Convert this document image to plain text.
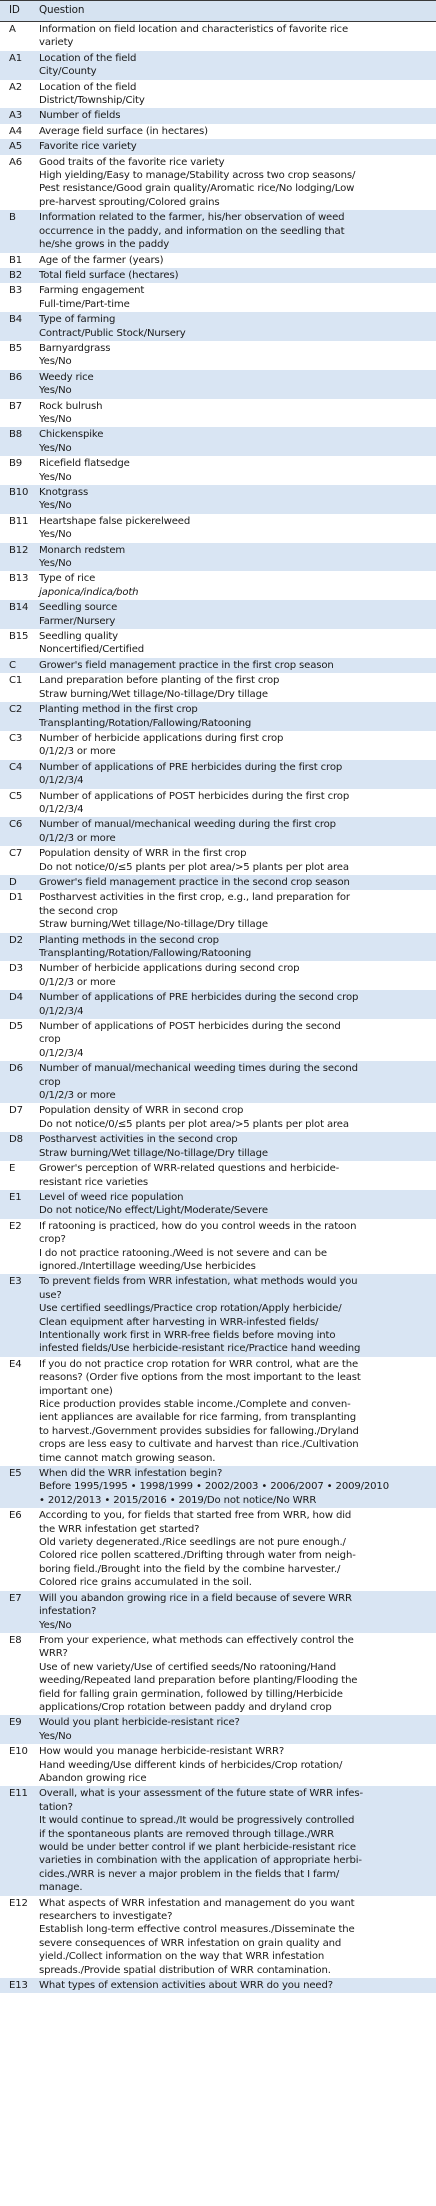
ID	Question
A	Information on field location and characteristics of favorite rice
variety
A1	Location of the field
City/County
A2	Location of the field
District/Township/City
A3	Number of fields
A4	Average field surface (in hectares)
A5	Favorite rice variety
A6	Good traits of the favorite rice variety
High yielding/Easy to manage/Stability across two crop seasons/
Pest resistance/Good grain quality/Aromatic rice/No lodging/Low
pre-harvest sprouting/Colored grains
B	Information related to the farmer, his/her observation of weed
occurrence in the paddy, and information on the seedling that
he/she grows in the paddy
B1	Age of the farmer (years)
B2	Total field surface (hectares)
B3	Farming engagement
Full-time/Part-time
B4	Type of farming
Contract/Public Stock/Nursery
B5	Barnyardgrass
Yes/No
B6	Weedy rice
Yes/No
B7	Rock bulrush
Yes/No
B8	Chickenspike
Yes/No
B9	Ricefield flatsedge
Yes/No
B10	Knotgrass
Yes/No
B11	Heartshape false pickerelweed
Yes/No
B12	Monarch redstem
Yes/No
B13	Type of rice
japonica/indica/both
B14	Seedling source
Farmer/Nursery
B15	Seedling quality
Noncertified/Certified
C	Grower's field management practice in the first crop season
C1	Land preparation before planting of the first crop
Straw burning/Wet tillage/No-tillage/Dry tillage
C2	Planting method in the first crop
Transplanting/Rotation/Fallowing/Ratooning
C3	Number of herbicide applications during first crop
0/1/2/3 or more
C4	Number of applications of PRE herbicides during the first crop
0/1/2/3/4
C5	Number of applications of POST herbicides during the first crop
0/1/2/3/4
C6	Number of manual/mechanical weeding during the first crop
0/1/2/3 or more
C7	Population density of WRR in the first crop
Do not notice/0/≤5 plants per plot area/>5 plants per plot area
D	Grower's field management practice in the second crop season
D1	Postharvest activities in the first crop, e.g., land preparation for
the second crop
Straw burning/Wet tillage/No-tillage/Dry tillage
D2	Planting methods in the second crop
Transplanting/Rotation/Fallowing/Ratooning
D3	Number of herbicide applications during second crop
0/1/2/3 or more
D4	Number of applications of PRE herbicides during the second crop
0/1/2/3/4
D5	Number of applications of POST herbicides during the second
crop
0/1/2/3/4
D6	Number of manual/mechanical weeding times during the second
crop
0/1/2/3 or more
D7	Population density of WRR in second crop
Do not notice/0/≤5 plants per plot area/>5 plants per plot area
D8	Postharvest activities in the second crop
Straw burning/Wet tillage/No-tillage/Dry tillage
E	Grower's perception of WRR-related questions and herbicide-
resistant rice varieties
E1	Level of weed rice population
Do not notice/No effect/Light/Moderate/Severe
E2	If ratooning is practiced, how do you control weeds in the ratoon
crop?
I do not practice ratooning./Weed is not severe and can be
ignored./Intertillage weeding/Use herbicides
E3	To prevent fields from WRR infestation, what methods would you
use?
Use certified seedlings/Practice crop rotation/Apply herbicide/
Clean equipment after harvesting in WRR-infested fields/
Intentionally work first in WRR-free fields before moving into
infested fields/Use herbicide-resistant rice/Practice hand weeding
E4	If you do not practice crop rotation for WRR control, what are the
reasons? (Order five options from the most important to the least
important one)
Rice production provides stable income./Complete and conven-
ient appliances are available for rice farming, from transplanting
to harvest./Government provides subsidies for fallowing./Dryland
crops are less easy to cultivate and harvest than rice./Cultivation
time cannot match growing season.
E5	When did the WRR infestation begin?
Before 1995/1995 • 1998/1999 • 2002/2003 • 2006/2007 • 2009/2010
• 2012/2013 • 2015/2016 • 2019/Do not notice/No WRR
E6	According to you, for fields that started free from WRR, how did
the WRR infestation get started?
Old variety degenerated./Rice seedlings are not pure enough./
Colored rice pollen scattered./Drifting through water from neigh-
boring field./Brought into the field by the combine harvester./
Colored rice grains accumulated in the soil.
E7	Will you abandon growing rice in a field because of severe WRR
infestation?
Yes/No
E8	From your experience, what methods can effectively control the
WRR?
Use of new variety/Use of certified seeds/No ratooning/Hand
weeding/Repeated land preparation before planting/Flooding the
field for falling grain germination, followed by tilling/Herbicide
applications/Crop rotation between paddy and dryland crop
E9	Would you plant herbicide-resistant rice?
Yes/No
E10	How would you manage herbicide-resistant WRR?
Hand weeding/Use different kinds of herbicides/Crop rotation/
Abandon growing rice
E11	Overall, what is your assessment of the future state of WRR infes-
tation?
It would continue to spread./It would be progressively controlled
if the spontaneous plants are removed through tillage./WRR
would be under better control if we plant herbicide-resistant rice
varieties in combination with the application of appropriate herbi-
cides./WRR is never a major problem in the fields that I farm/
manage.
E12	What aspects of WRR infestation and management do you want
researchers to investigate?
Establish long-term effective control measures./Disseminate the
severe consequences of WRR infestation on grain quality and
yield./Collect information on the way that WRR infestation
spreads./Provide spatial distribution of WRR contamination.
E13	What types of extension activities about WRR do you need?
